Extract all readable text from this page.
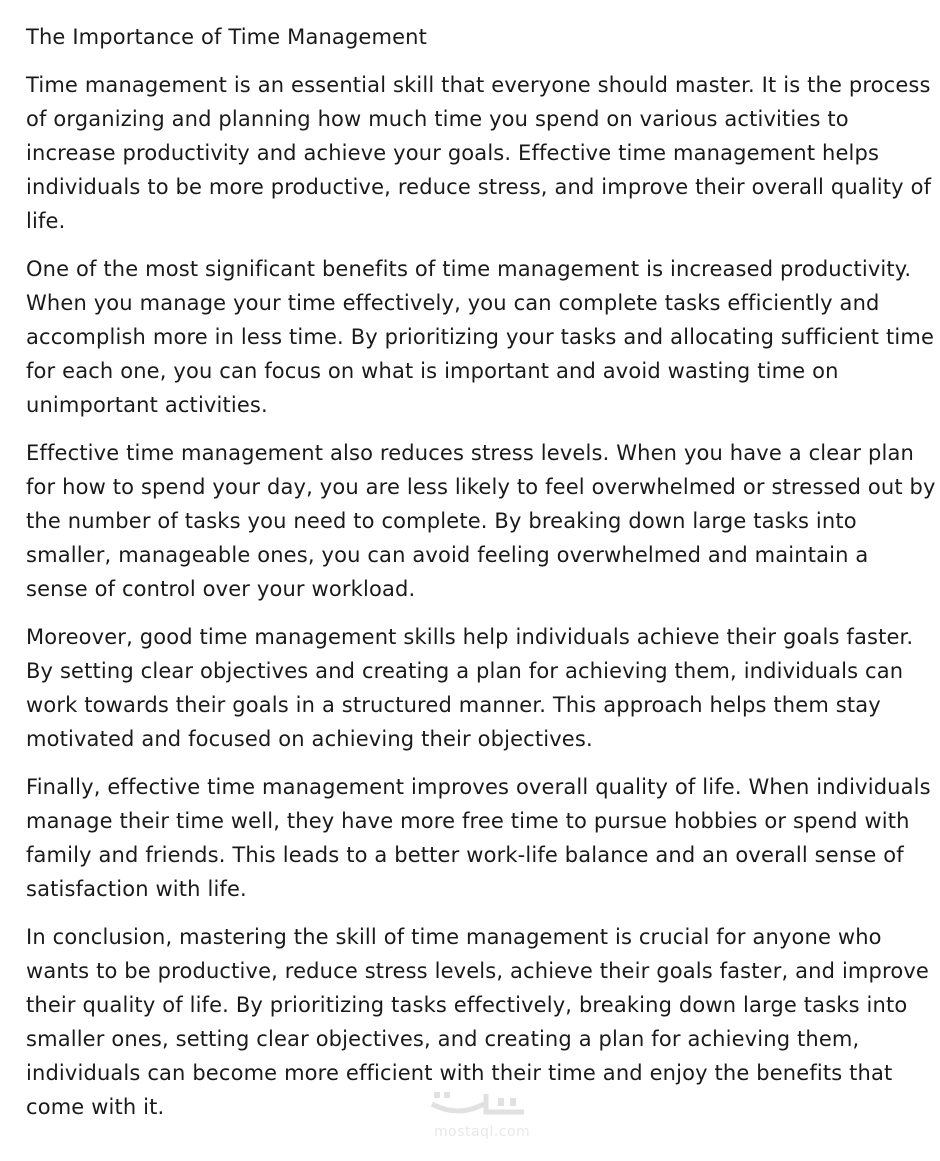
The Importance of Time Management

Time management is an essential skill that everyone should master. It is the process of organizing and planning how much time you spend on various activities to increase productivity and achieve your goals. Effective time management helps individuals to be more productive, reduce stress, and improve their overall quality of life.

One of the most significant benefits of time management is increased productivity. When you manage your time effectively, you can complete tasks efficiently and accomplish more in less time. By prioritizing your tasks and allocating sufficient time for each one, you can focus on what is important and avoid wasting time on unimportant activities.

Effective time management also reduces stress levels. When you have a clear plan for how to spend your day, you are less likely to feel overwhelmed or stressed out by the number of tasks you need to complete. By breaking down large tasks into smaller, manageable ones, you can avoid feeling overwhelmed and maintain a sense of control over your workload.

Moreover, good time management skills help individuals achieve their goals faster. By setting clear objectives and creating a plan for achieving them, individuals can work towards their goals in a structured manner. This approach helps them stay motivated and focused on achieving their objectives.

Finally, effective time management improves overall quality of life. When individuals manage their time well, they have more free time to pursue hobbies or spend with family and friends. This leads to a better work-life balance and an overall sense of satisfaction with life.

In conclusion, mastering the skill of time management is crucial for anyone who wants to be productive, reduce stress levels, achieve their goals faster, and improve their quality of life. By prioritizing tasks effectively, breaking down large tasks into smaller ones, setting clear objectives, and creating a plan for achieving them, individuals can become more efficient with their time and enjoy the benefits that come with it.

mostaql.com
